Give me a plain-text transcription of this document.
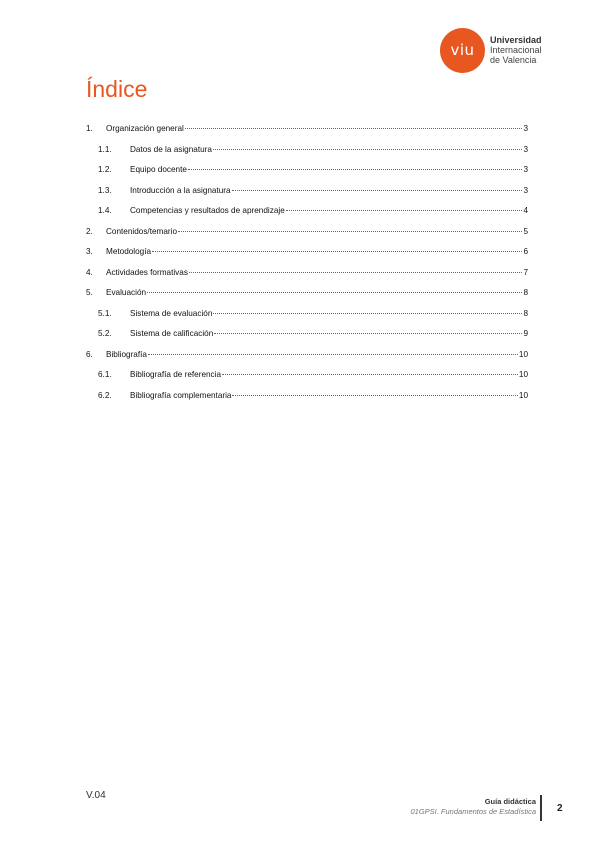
viu
Universidad
Internacional
de Valencia
Índice
1.	Organización general	3
1.1.	Datos de la asignatura	3
1.2.	Equipo docente	3
1.3.	Introducción a la asignatura	3
1.4.	Competencias y resultados de aprendizaje	4
2.	Contenidos/temario	5
3.	Metodología	6
4.	Actividades formativas	7
5.	Evaluación	8
5.1.	Sistema de evaluación	8
5.2.	Sistema de calificación	9
6.	Bibliografía	10
6.1.	Bibliografía de referencia	10
6.2.	Bibliografía complementaria	10
V.04
Guía didáctica
01GPSI. Fundamentos de Estadística 2
